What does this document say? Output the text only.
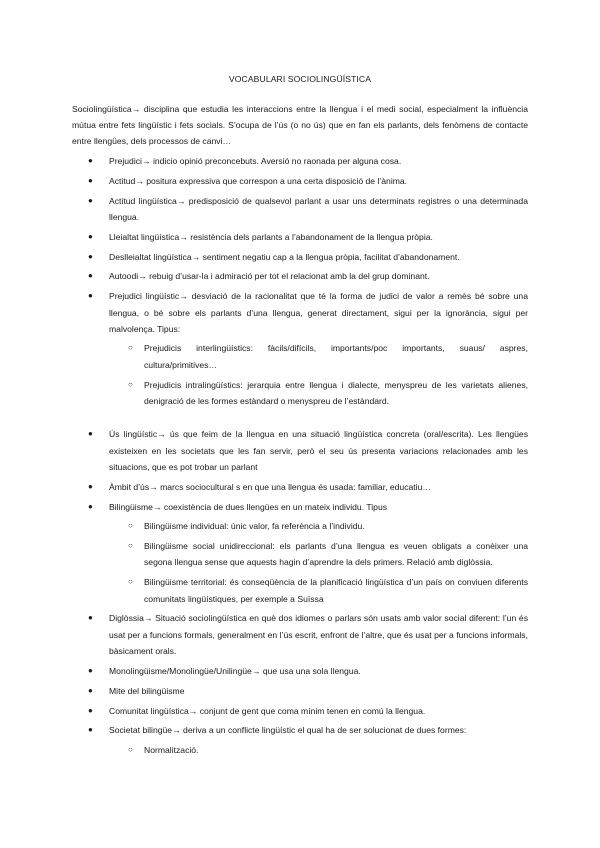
VOCABULARI SOCIOLINGÜÍSTICA
Sociolingüística→ disciplina que estudia les interaccions entre la llengua i el medi social, especialment la influència mútua entre fets lingüístic i fets socials. S’ocupa de l’ús (o no ús) que en fan els parlants, dels fenòmens de contacte entre llengües, dels processos de canvi…
● Prejudici→ indicio opinió preconcebuts. Aversió no raonada per alguna cosa.
● Actitud→ positura expressiva que correspon a una certa disposició de l’ànima.
● Actitud lingüística→ predisposició de qualsevol parlant a usar uns determinats registres o una determinada llengua.
● Lleialtat lingüística→ resistència dels parlants a l’abandonament de la llengua pròpia.
● Deslleialtat lingüística→ sentiment negatiu cap a la llengua pròpia, facilitat d’abandonament.
● Autoodi→ rebuig d’usar-la i admiració per tot el relacionat amb la del grup dominant.
● Prejudici lingüístic→ desviació de la racionalitat que té la forma de judici de valor a remès bé sobre una llengua, o bé sobre els parlants d’una llengua, generat directament, sigui per la ignorància, sigui per malvolença. Tipus:
○ Prejudicis interlingüístics: fàcils/difícils, importants/poc importants, suaus/ aspres, cultura/primitives…
○ Prejudicis intralingüístics: jerarquia entre llengua i dialecte, menyspreu de les varietats alienes, denigració de les formes estàndard o menyspreu de l’estàndard.
● Ús lingüístic→ ús que feim de la llengua en una situació lingüística concreta (oral/escrita). Les llengües existeixen en les societats que les fan servir, però el seu ús presenta variacions relacionades amb les situacions, que es pot trobar un parlant
● Àmbit d’ús→ marcs sociocultural s en que una llengua és usada: familiar, educatiu…
● Bilingüisme→ coexistència de dues llengües en un mateix individu. Tipus
○ Bilingüisme individual: únic valor, fa referència a l’individu.
○ Bilingüisme social unidireccional: els parlants d’una llengua es veuen obligats a conèixer una segona llengua sense que aquests hagin d’aprendre la dels primers. Relació amb diglòssia.
○ Bilingüisme territorial: és conseqüència de la planificació lingüística d’un país on conviuen diferents comunitats lingüístiques, per exemple a Suïssa
● Diglòssia→ Situació sociolingüística en què dos idiomes o parlars són usats amb valor social diferent: l’un és usat per a funcions formals, generalment en l’ús escrit, enfront de l’altre, que és usat per a funcions informals, bàsicament orals.
● Monolingüisme/Monolingüe/Unilingüe→ que usa una sola llengua.
● Mite del bilingüisme
● Comunitat lingüística→ conjunt de gent que coma mínim tenen en comú la llengua.
● Societat bilingüe→ deriva a un conflicte lingüístic el qual ha de ser solucionat de dues formes:
○ Normalització.
